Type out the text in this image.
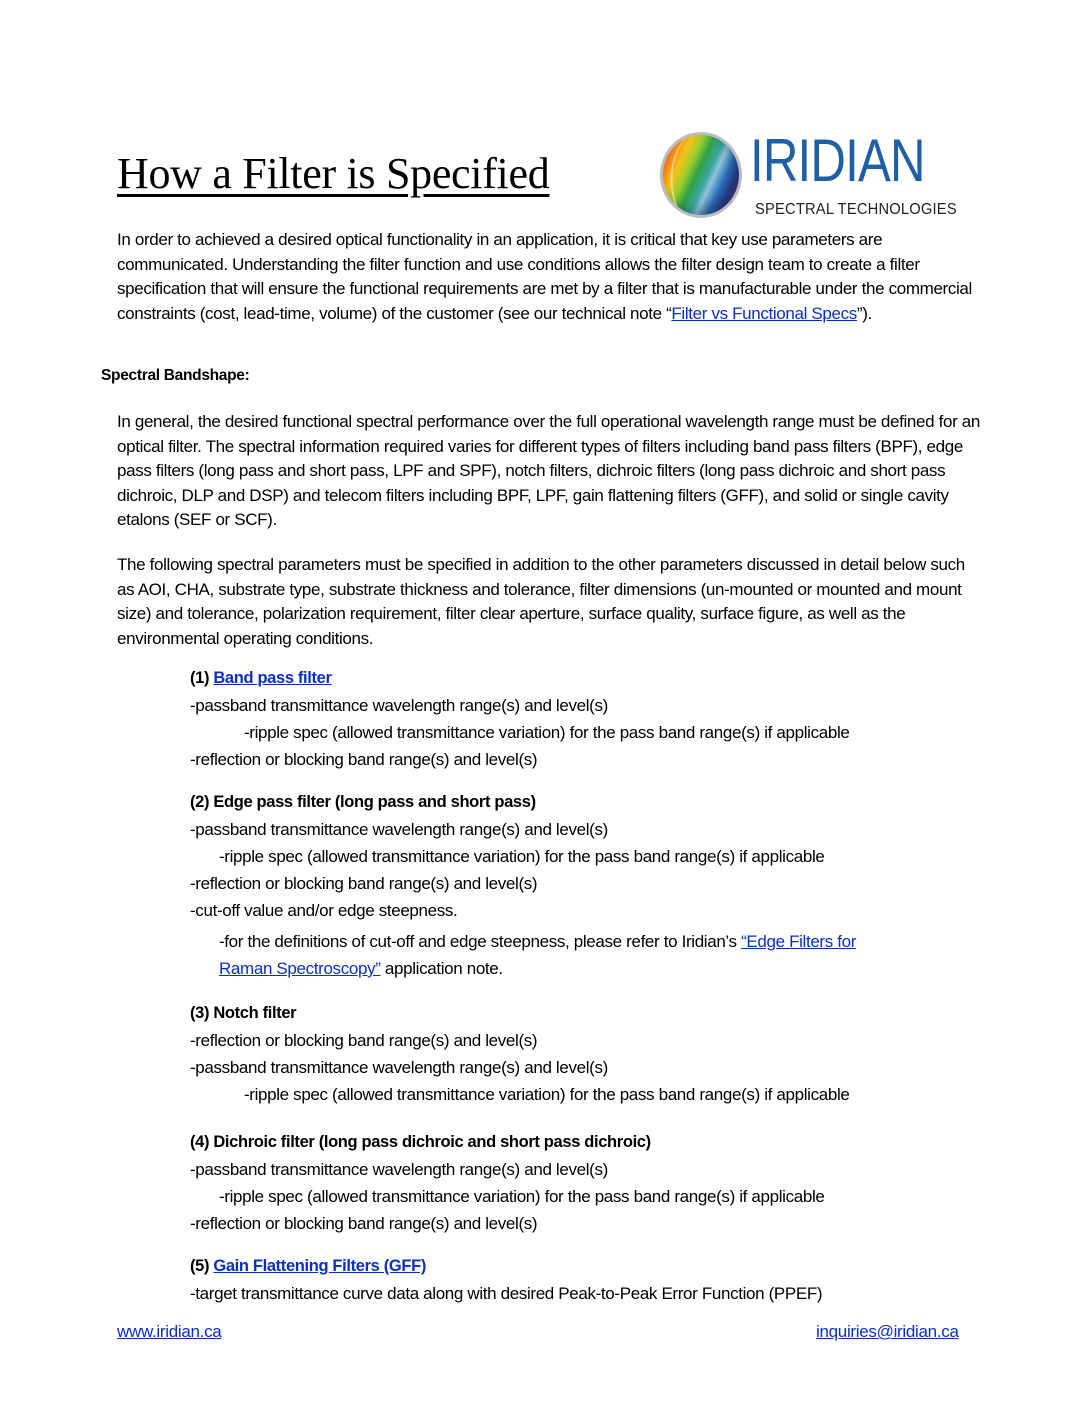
How a Filter is Specified	IRIDIAN
SPECTRAL TECHNOLOGIES
In order to achieved a desired optical functionality in an application, it is critical that key use parameters are communicated. Understanding the filter function and use conditions allows the filter design team to create a filter specification that will ensure the functional requirements are met by a filter that is manufacturable under the commercial constraints (cost, lead-time, volume) of the customer (see our technical note “Filter vs Functional Specs”).
Spectral Bandshape:
In general, the desired functional spectral performance over the full operational wavelength range must be defined for an optical filter. The spectral information required varies for different types of filters including band pass filters (BPF), edge pass filters (long pass and short pass, LPF and SPF), notch filters, dichroic filters (long pass dichroic and short pass dichroic, DLP and DSP) and telecom filters including BPF, LPF, gain flattening filters (GFF), and solid or single cavity etalons (SEF or SCF).
The following spectral parameters must be specified in addition to the other parameters discussed in detail below such as AOI, CHA, substrate type, substrate thickness and tolerance, filter dimensions (un-mounted or mounted and mount size) and tolerance, polarization requirement, filter clear aperture, surface quality, surface figure, as well as the environmental operating conditions.
(1) Band pass filter
-passband transmittance wavelength range(s) and level(s)
-ripple spec (allowed transmittance variation) for the pass band range(s) if applicable
-reflection or blocking band range(s) and level(s)
(2) Edge pass filter (long pass and short pass)
-passband transmittance wavelength range(s) and level(s)
-ripple spec (allowed transmittance variation) for the pass band range(s) if applicable
-reflection or blocking band range(s) and level(s)
-cut-off value and/or edge steepness.
-for the definitions of cut-off and edge steepness, please refer to Iridian’s “Edge Filters for
Raman Spectroscopy” application note.
(3) Notch filter
-reflection or blocking band range(s) and level(s)
-passband transmittance wavelength range(s) and level(s)
-ripple spec (allowed transmittance variation) for the pass band range(s) if applicable
(4) Dichroic filter (long pass dichroic and short pass dichroic)
-passband transmittance wavelength range(s) and level(s)
-ripple spec (allowed transmittance variation) for the pass band range(s) if applicable
-reflection or blocking band range(s) and level(s)
(5) Gain Flattening Filters (GFF)
-target transmittance curve data along with desired Peak-to-Peak Error Function (PPEF)
www.iridian.ca	inquiries@iridian.ca
